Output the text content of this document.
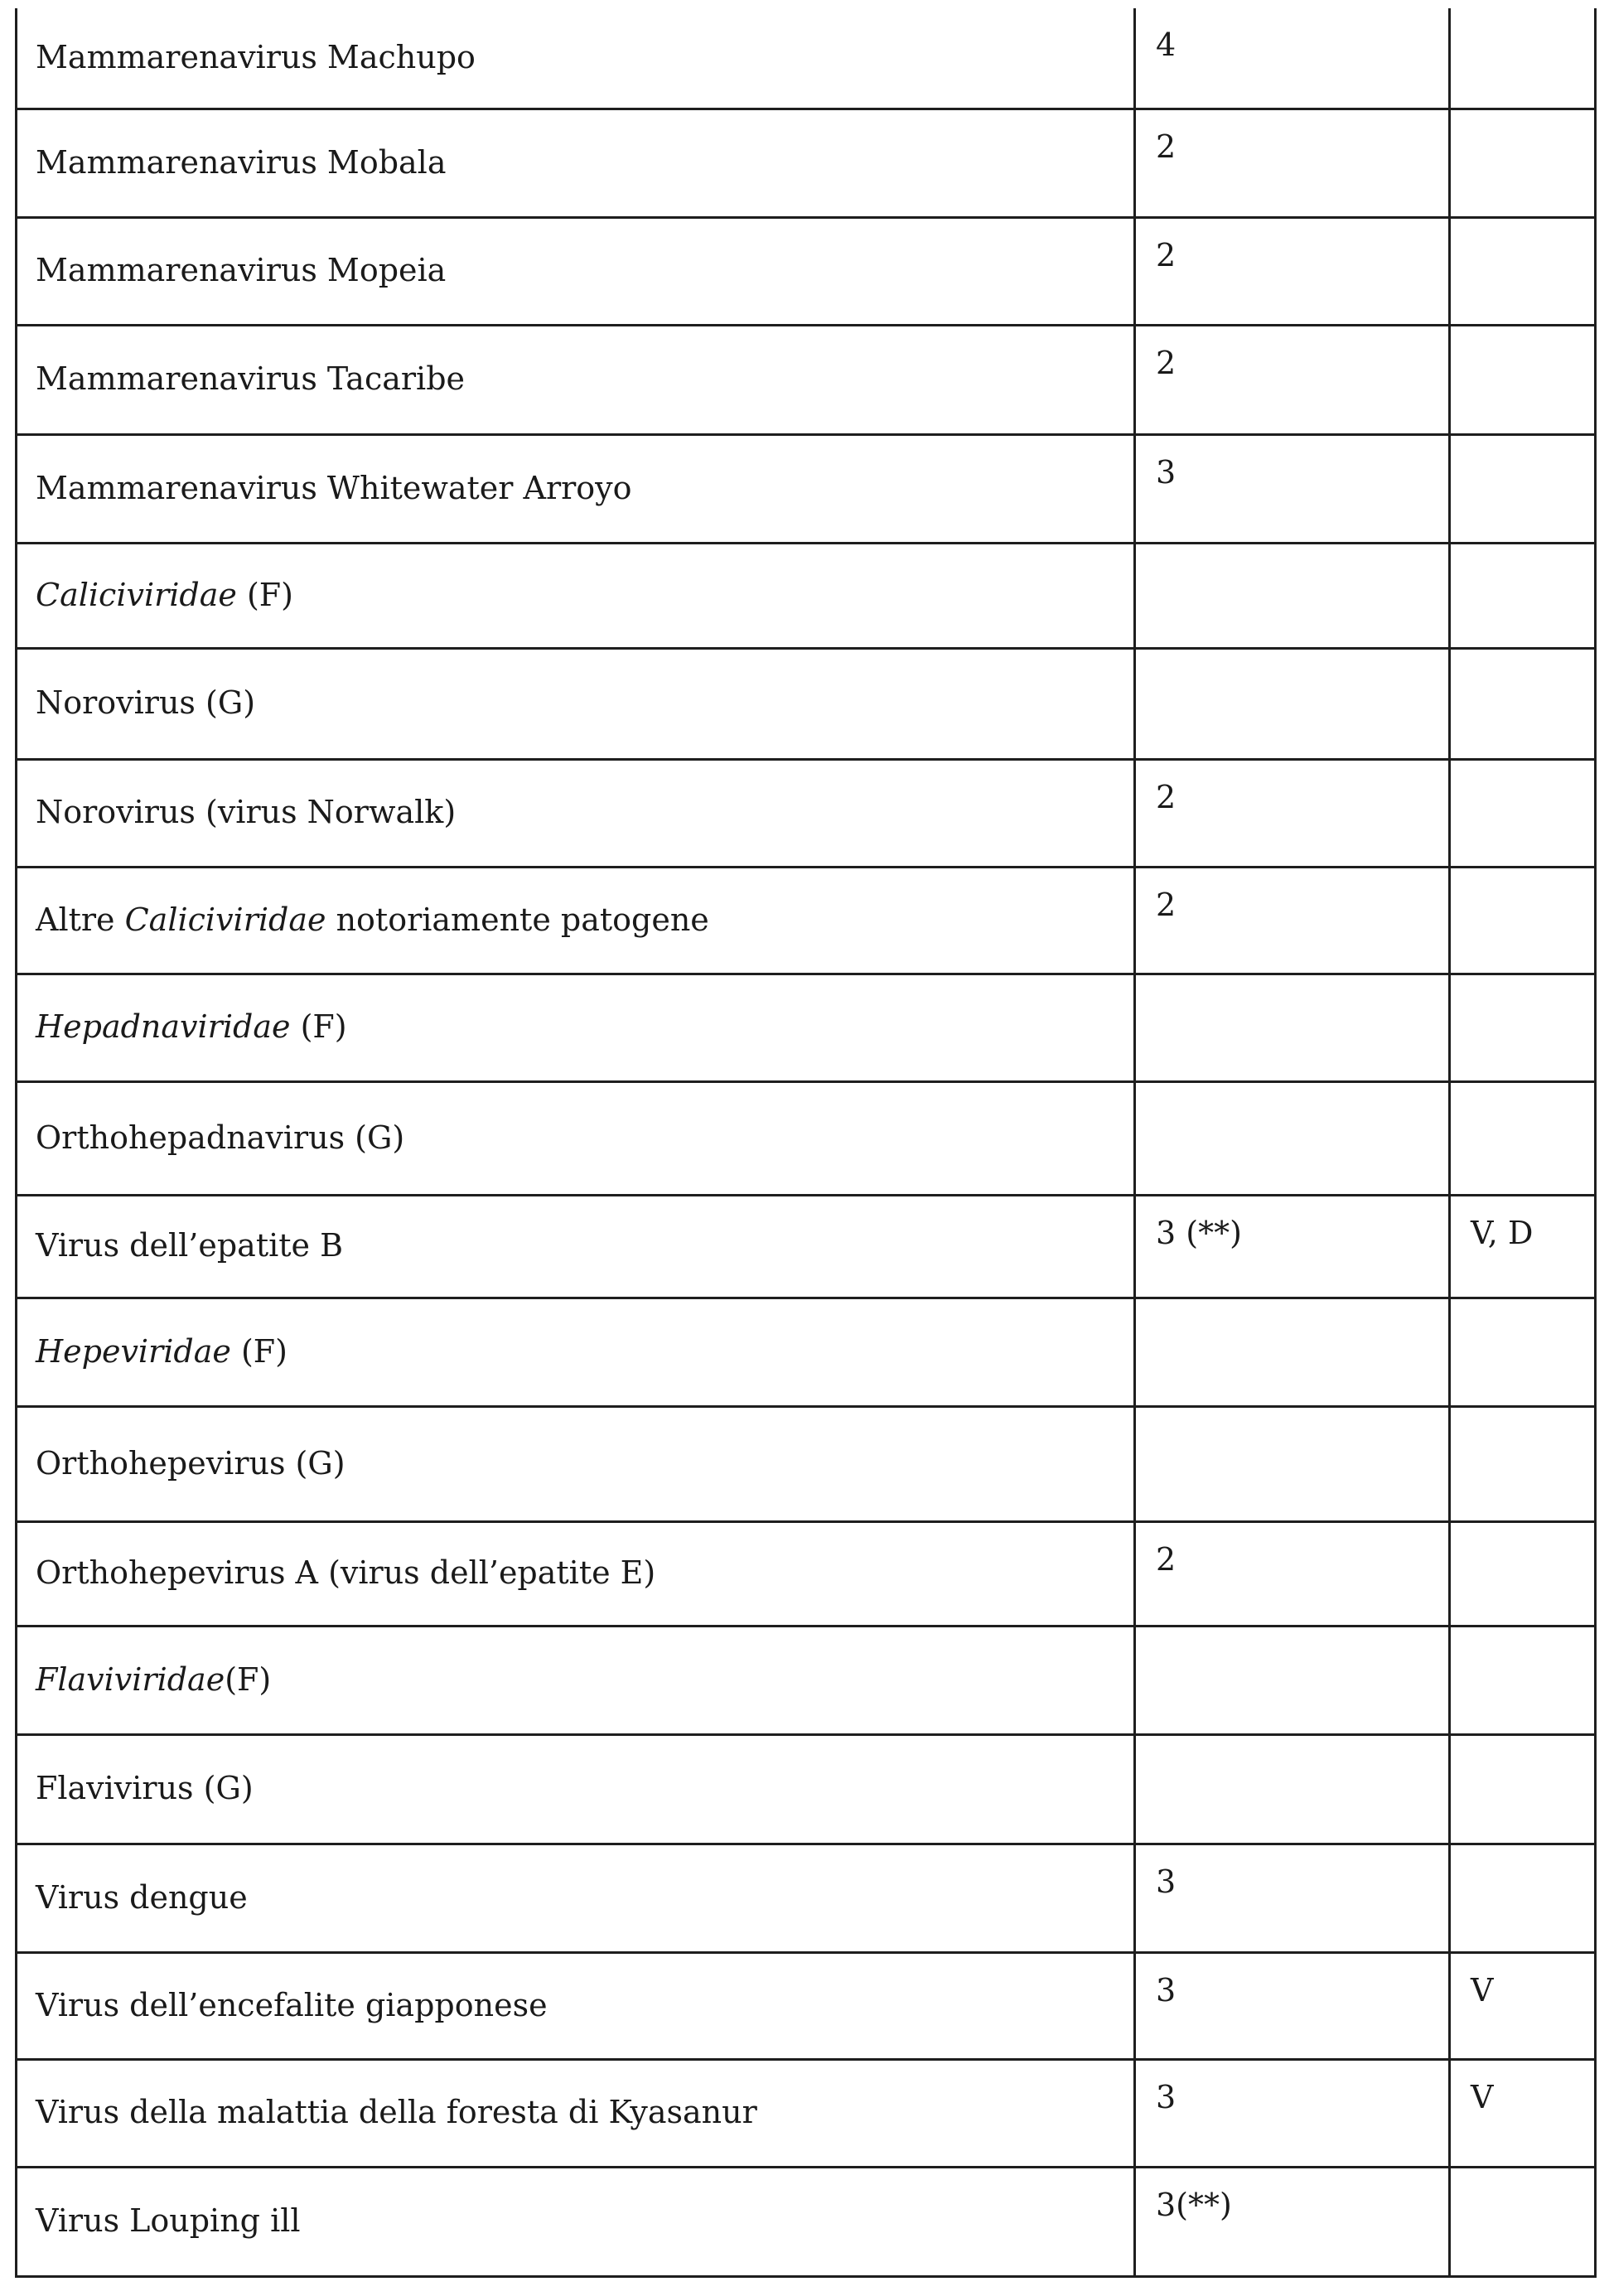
Mammarenavirus Machupo	4	
Mammarenavirus Mobala	2	
Mammarenavirus Mopeia	2	
Mammarenavirus Tacaribe	2	
Mammarenavirus Whitewater Arroyo	3	
Caliciviridae (F)		
Norovirus (G)		
Norovirus (virus Norwalk)	2	
Altre Caliciviridae notoriamente patogene	2	
Hepadnaviridae (F)		
Orthohepadnavirus (G)		
Virus dell’epatite B	3 (**)	V, D
Hepeviridae (F)		
Orthohepevirus (G)		
Orthohepevirus A (virus dell’epatite E)	2	
Flaviviridae(F)		
Flavivirus (G)		
Virus dengue	3	
Virus dell’encefalite giapponese	3	V
Virus della malattia della foresta di Kyasanur	3	V
Virus Louping ill	3(**)	
